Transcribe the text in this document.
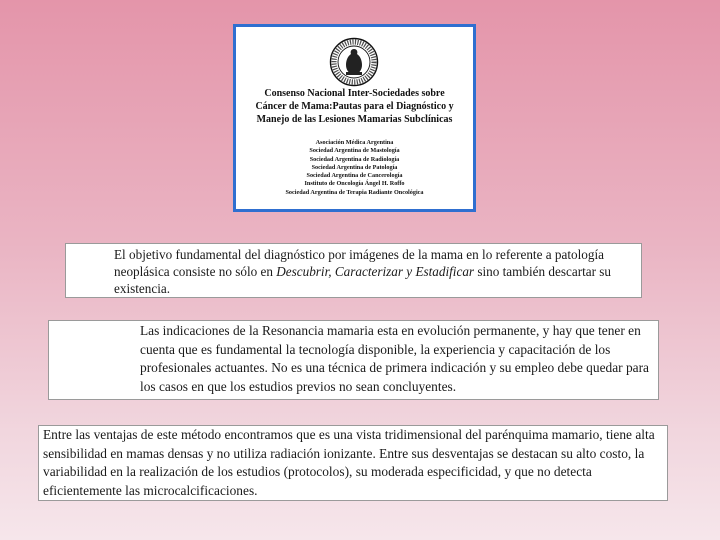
Consenso Nacional Inter-Sociedades sobre
Cáncer de Mama:Pautas para el Diagnóstico y
Manejo de las Lesiones Mamarias Subclínicas
Asociación Médica Argentina
Sociedad Argentina de Mastología
Sociedad Argentina de Radiología
Sociedad Argentina de Patología
Sociedad Argentina de Cancerología
Instituto de Oncología Ángel H. Roffo
Sociedad Argentina de Terapia Radiante Oncológica
El objetivo fundamental del diagnóstico por imágenes de la mama en lo referente a patología neoplásica consiste no sólo en Descubrir, Caracterizar y Estadificar sino también descartar su existencia.
Las indicaciones de la Resonancia mamaria esta en evolución permanente, y hay que tener en cuenta que es fundamental la tecnología disponible, la experiencia y capacitación de los profesionales actuantes. No es una técnica de primera indicación y su empleo debe quedar para los casos en que los estudios previos no sean concluyentes.
Entre las ventajas de este método encontramos que es una vista tridimensional del parénquima mamario, tiene alta sensibilidad en mamas densas y no utiliza radiación ionizante. Entre sus desventajas se destacan su alto costo, la variabilidad en la realización de los estudios (protocolos), su moderada especificidad, y que no detecta eficientemente las microcalcificaciones.
